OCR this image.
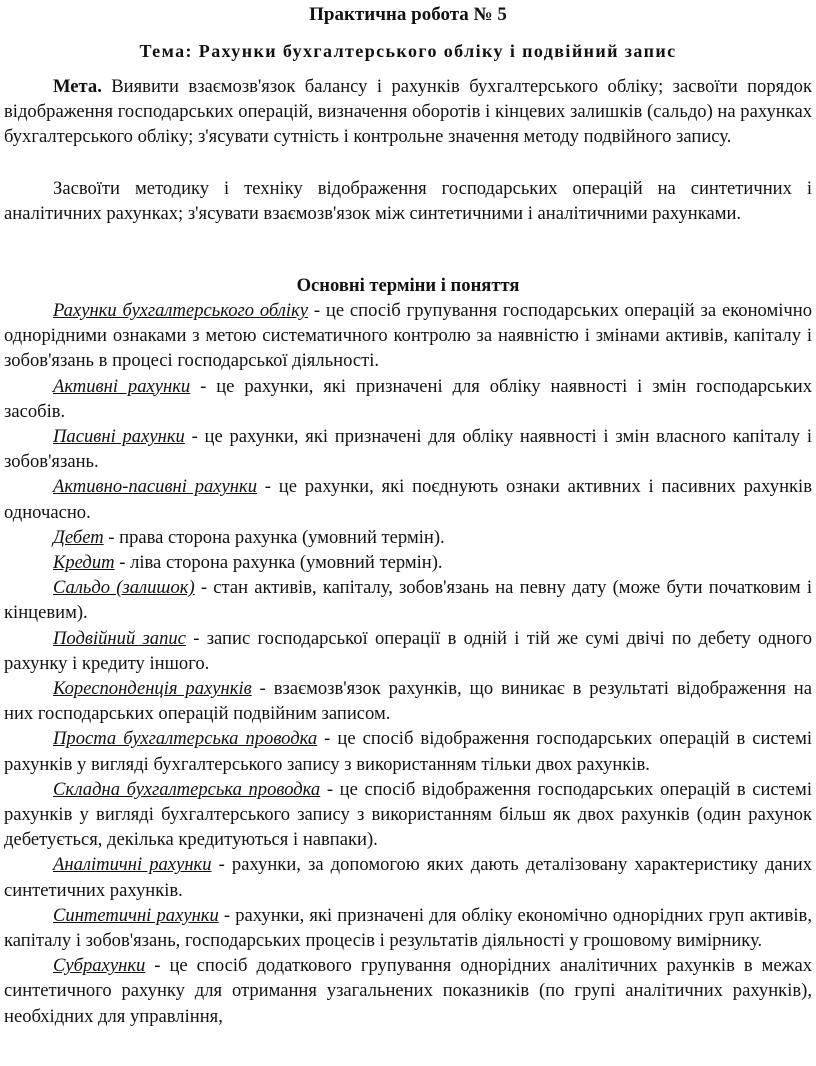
Практична робота № 5
Тема: Рахунки бухгалтерського обліку і подвійний запис

Мета. Виявити взаємозв'язок балансу і рахунків бухгалтерського обліку; засвоїти порядок відображення господарських операцій, визначення оборотів і кінцевих залишків (сальдо) на рахунках бухгалтерського обліку; з'ясувати сутність і контрольне значення методу подвійного запису.

Засвоїти методику і техніку відображення господарських операцій на синтетичних і аналітичних рахунках; з'ясувати взаємозв'язок між синтетичними і аналітичними рахунками.

Основні терміни і поняття

Рахунки бухгалтерського обліку - це спосіб групування господарських операцій за економічно однорідними ознаками з метою систематичного контролю за наявністю і змінами активів, капіталу і зобов'язань в процесі господарської діяльності.

Активні рахунки - це рахунки, які призначені для обліку наявності і змін господарських засобів.

Пасивні рахунки - це рахунки, які призначені для обліку наявності і змін власного капіталу і зобов'язань.

Активно-пасивні рахунки - це рахунки, які поєднують ознаки активних і пасивних рахунків одночасно.

Дебет - права сторона рахунка (умовний термін).

Кредит - ліва сторона рахунка (умовний термін).

Сальдо (залишок) - стан активів, капіталу, зобов'язань на певну дату (може бути початковим і кінцевим).

Подвійний запис - запис господарської операції в одній і тій же сумі двічі по дебету одного рахунку і кредиту іншого.

Кореспонденція рахунків - взаємозв'язок рахунків, що виникає в результаті відображення на них господарських операцій подвійним записом.

Проста бухгалтерська проводка - це спосіб відображення господарських операцій в системі рахунків у вигляді бухгалтерського запису з використанням тільки двох рахунків.

Складна бухгалтерська проводка - це спосіб відображення господарських операцій в системі рахунків у вигляді бухгалтерського запису з використанням більш як двох рахунків (один рахунок дебетується, декілька кредитуються і навпаки).

Аналітичні рахунки - рахунки, за допомогою яких дають деталізовану характеристику даних синтетичних рахунків.

Синтетичні рахунки - рахунки, які призначені для обліку економічно однорідних груп активів, капіталу і зобов'язань, господарських процесів і результатів діяльності у грошовому вимірнику.

Субрахунки - це спосіб додаткового групування однорідних аналітичних рахунків в межах синтетичного рахунку для отримання узагальнених показників (по групі аналітичних рахунків), необхідних для управління,
